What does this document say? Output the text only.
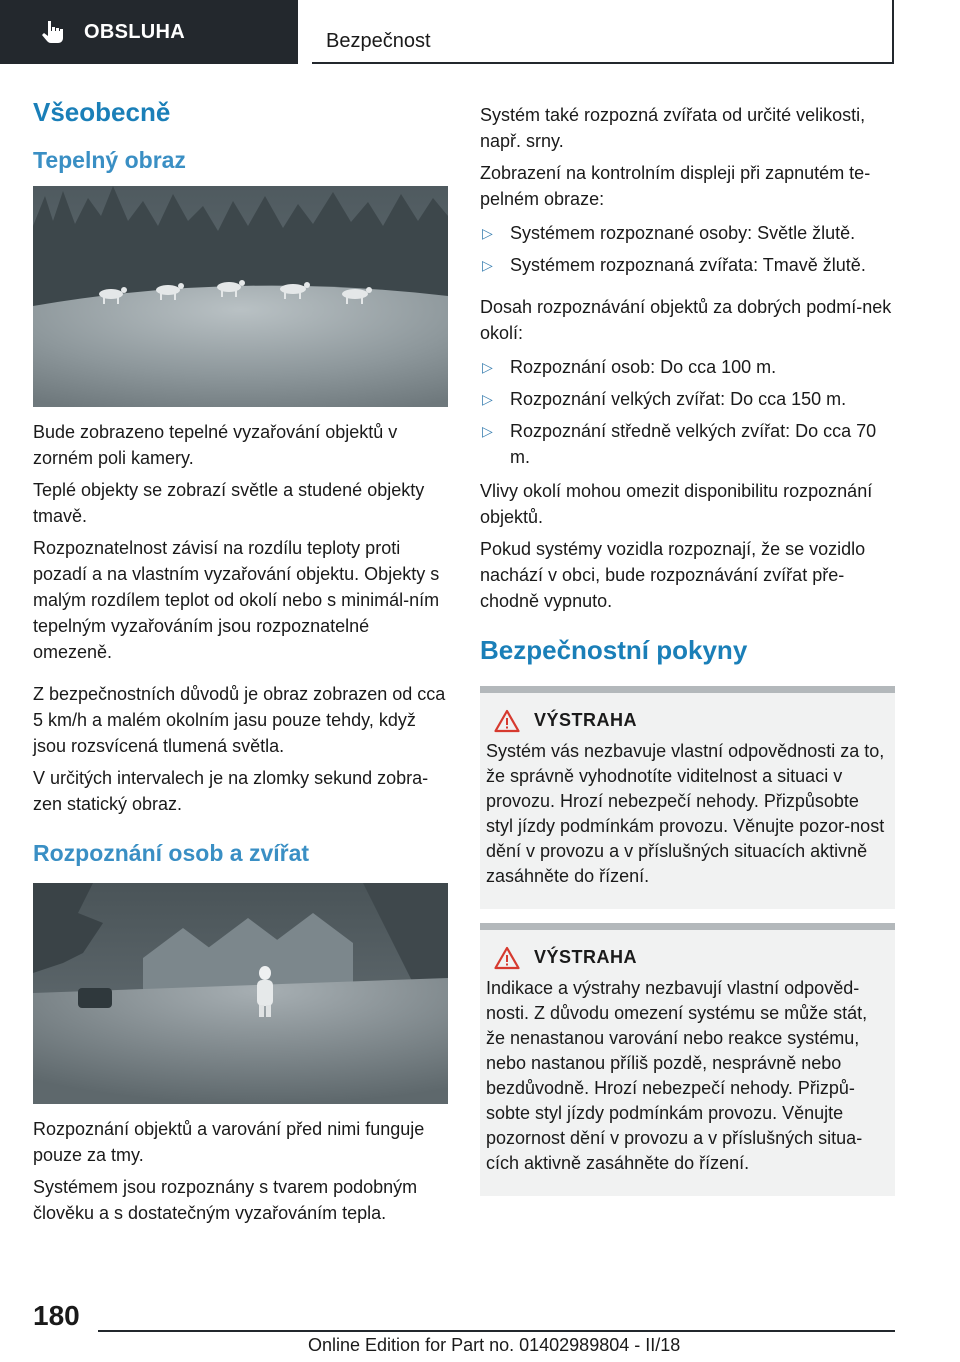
OBSLUHA	Bezpečnost
Všeobecně
Tepelný obraz

Bude zobrazeno tepelné vyzařování objektů v zorném poli kamery.

Teplé objekty se zobrazí světle a studené objekty tmavě.

Rozpoznatelnost závisí na rozdílu teploty proti pozadí a na vlastním vyzařování objektu. Objekty s malým rozdílem teplot od okolí nebo s minimál-ním tepelným vyzařováním jsou rozpoznatelné omezeně.

Z bezpečnostních důvodů je obraz zobrazen od cca 5 km/h a malém okolním jasu pouze tehdy, když jsou rozsvícená tlumená světla.

V určitých intervalech je na zlomky sekund zobra-zen statický obraz.

Rozpoznání osob a zvířat

Rozpoznání objektů a varování před nimi funguje pouze za tmy.

Systémem jsou rozpoznány s tvarem podobným člověku a s dostatečným vyzařováním tepla.

Systém také rozpozná zvířata od určité velikosti, např. srny.

Zobrazení na kontrolním displeji při zapnutém te-pelném obraze:

▷ Systémem rozpoznané osoby: Světle žlutě.
▷ Systémem rozpoznaná zvířata: Tmavě žlutě.

Dosah rozpoznávání objektů za dobrých podmí-nek okolí:

▷ Rozpoznání osob: Do cca 100 m.
▷ Rozpoznání velkých zvířat: Do cca 150 m.
▷ Rozpoznání středně velkých zvířat: Do cca 70 m.

Vlivy okolí mohou omezit disponibilitu rozpoznání objektů.

Pokud systémy vozidla rozpoznají, že se vozidlo nachází v obci, bude rozpoznávání zvířat pře-chodně vypnuto.

Bezpečnostní pokyny
VÝSTRAHA

Systém vás nezbavuje vlastní odpovědnosti za to, že správně vyhodnotíte viditelnost a situaci v provozu. Hrozí nebezpečí nehody. Přizpůsobte styl jízdy podmínkám provozu. Věnujte pozor-nost dění v provozu a v příslušných situacích aktivně zasáhněte do řízení.

VÝSTRAHA

Indikace a výstrahy nezbavují vlastní odpověd-nosti. Z důvodu omezení systému se může stát, že nenastanou varování nebo reakce systému, nebo nastanou příliš pozdě, nesprávně nebo bezdůvodně. Hrozí nebezpečí nehody. Přizpů-sobte styl jízdy podmínkám provozu. Věnujte pozornost dění v provozu a v příslušných situa-cích aktivně zasáhněte do řízení.

180
Online Edition for Part no. 01402989804 - II/18
